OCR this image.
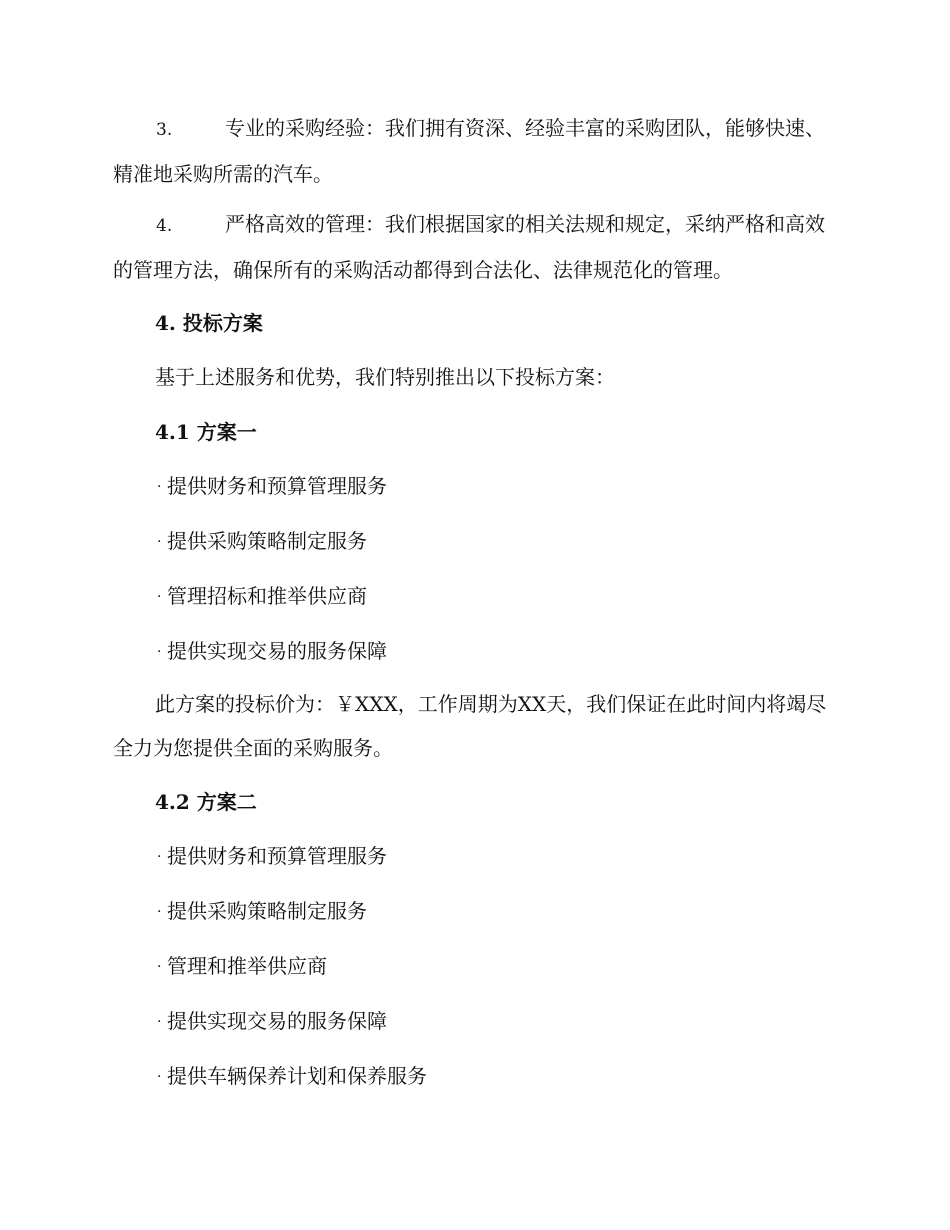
3.	专业的采购经验：我们拥有资深、经验丰富的采购团队，能够快速、精准地采购所需的汽车。

4.	严格高效的管理：我们根据国家的相关法规和规定，采纳严格和高效的管理方法，确保所有的采购活动都得到合法化、法律规范化的管理。

4. 投标方案

基于上述服务和优势，我们特别推出以下投标方案：

4.1 方案一

· 提供财务和预算管理服务

· 提供采购策略制定服务

· 管理招标和推举供应商

· 提供实现交易的服务保障

此方案的投标价为：￥XXX，工作周期为XX天，我们保证在此时间内将竭尽全力为您提供全面的采购服务。

4.2 方案二

· 提供财务和预算管理服务

· 提供采购策略制定服务

· 管理和推举供应商

· 提供实现交易的服务保障

· 提供车辆保养计划和保养服务
